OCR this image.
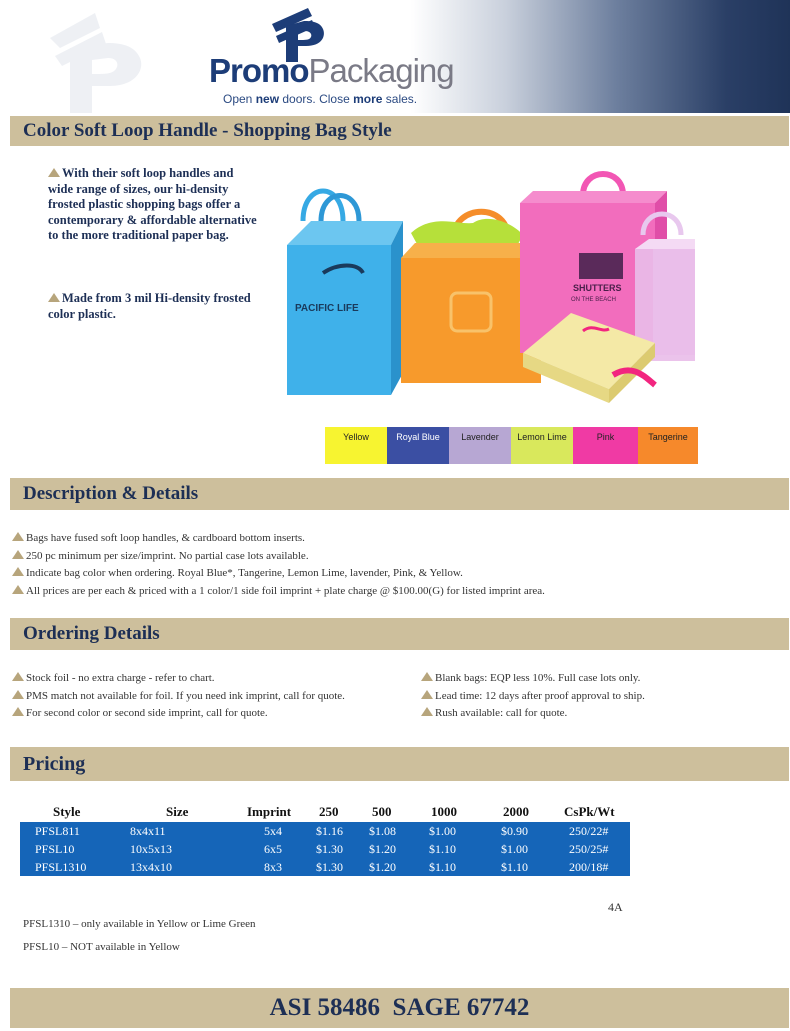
PromoPackaging
Open new doors. Close more sales.
Color Soft Loop Handle - Shopping Bag Style
With their soft loop handles and wide range of sizes, our hi-density frosted plastic shopping bags offer a contemporary & affordable alternative to the more traditional paper bag.
Made from 3 mil Hi-density frosted color plastic.	PACIFIC LIFE
SHUTTERS
ON THE BEACH
Yellow	Royal Blue	Lavender	Lemon Lime	Pink	Tangerine
Description & Details
Bags have fused soft loop handles, & cardboard bottom inserts.
250 pc minimum per size/imprint. No partial case lots available.
Indicate bag color when ordering. Royal Blue*, Tangerine, Lemon Lime, lavender, Pink, & Yellow.
All prices are per each & priced with a 1 color/1 side foil imprint + plate charge @ $100.00(G) for listed imprint area.
Ordering Details
Stock foil - no extra charge - refer to chart.
PMS match not available for foil. If you need ink imprint, call for quote.
For second color or second side imprint, call for quote.
Blank bags: EQP less 10%. Full case lots only.
Lead time: 12 days after proof approval to ship.
Rush available: call for quote.
Pricing
Style	Size	Imprint 250	500	1000	2000	CsPk/Wt
PFSL811	8x4x11	5x4	$1.16 $1.08	$1.00	$0.90	250/22#
PFSL10	10x5x13	6x5	$1.30 $1.20	$1.10	$1.00	250/25#
PFSL1310	13x4x10	8x3	$1.30 $1.20	$1.10	$1.10	200/18#
4A
PFSL1310 – only available in Yellow or Lime Green
PFSL10 – NOT available in Yellow
ASI 58486  SAGE 67742
